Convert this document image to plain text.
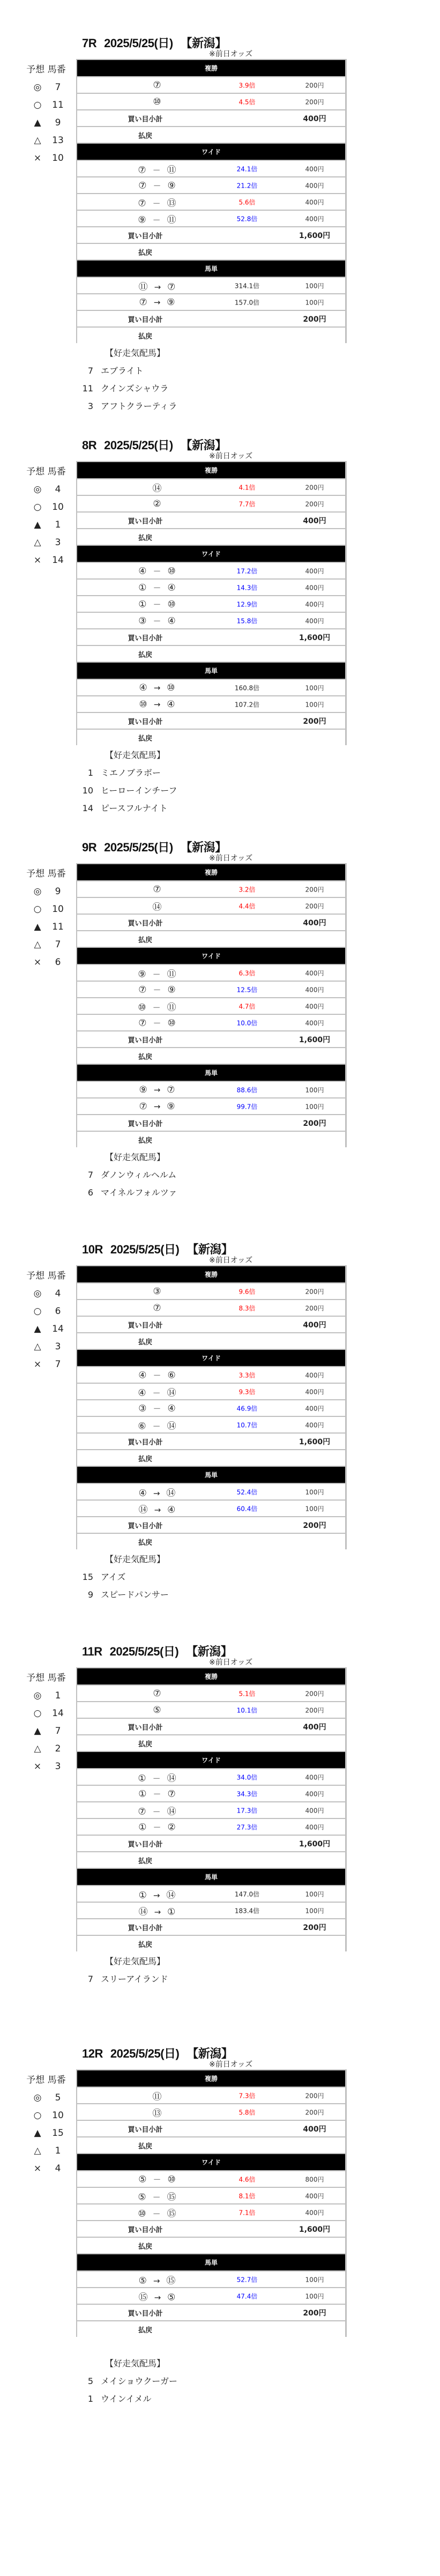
7R 2025/5/25(日) 【新潟】
※前日オッズ
予想 馬番
◎	7
○	11
▲	9
△	13
×	10
複勝
⑦	3.9倍	200円
⑩	4.5倍	200円
買い目小計	400円
払戻
ワイド
⑦ － ⑪	24.1倍	400円
⑦ － ⑨	21.2倍	400円
⑦ － ⑬	5.6倍	400円
⑨ － ⑪	52.8倍	400円
買い目小計	1,600円
払戻
馬単
⑪ → ⑦	314.1倍	100円
⑦ → ⑨	157.0倍	100円
買い目小計	200円
払戻
【好走気配馬】
7 エブライト
11 クインズシャウラ
3 アフトクラーティラ
8R 2025/5/25(日) 【新潟】
※前日オッズ
予想 馬番
◎	4
○	10
▲	1
△	3
×	14
複勝
⑭	4.1倍	200円
②	7.7倍	200円
買い目小計	400円
払戻
ワイド
④ － ⑩	17.2倍	400円
① － ④	14.3倍	400円
① － ⑩	12.9倍	400円
③ － ④	15.8倍	400円
買い目小計	1,600円
払戻
馬単
④ → ⑩	160.8倍	100円
⑩ → ④	107.2倍	100円
買い目小計	200円
払戻
【好走気配馬】
1 ミエノブラボー
10 ヒーローインチーフ
14 ピースフルナイト
9R 2025/5/25(日) 【新潟】
※前日オッズ
予想 馬番
◎	9
○	10
▲	11
△	7
×	6
複勝
⑦	3.2倍	200円
⑭	4.4倍	200円
買い目小計	400円
払戻
ワイド
⑨ － ⑪	6.3倍	400円
⑦ － ⑨	12.5倍	400円
⑩ － ⑪	4.7倍	400円
⑦ － ⑩	10.0倍	400円
買い目小計	1,600円
払戻
馬単
⑨ → ⑦	88.6倍	100円
⑦ → ⑨	99.7倍	100円
買い目小計	200円
払戻
【好走気配馬】
7 ダノンウィルヘルム
6 マイネルフォルツァ
10R 2025/5/25(日) 【新潟】
※前日オッズ
予想 馬番
◎	4
○	6
▲	14
△	3
×	7
複勝
③	9.6倍	200円
⑦	8.3倍	200円
買い目小計	400円
払戻
ワイド
④ － ⑥	3.3倍	400円
④ － ⑭	9.3倍	400円
③ － ④	46.9倍	400円
⑥ － ⑭	10.7倍	400円
買い目小計	1,600円
払戻
馬単
④ → ⑭	52.4倍	100円
⑭ → ④	60.4倍	100円
買い目小計	200円
払戻
【好走気配馬】
15 アイズ
9 スピードパンサー
11R 2025/5/25(日) 【新潟】
※前日オッズ
予想 馬番
◎	1
○	14
▲	7
△	2
×	3
複勝
⑦	5.1倍	200円
⑤	10.1倍	200円
買い目小計	400円
払戻
ワイド
① － ⑭	34.0倍	400円
① － ⑦	34.3倍	400円
⑦ － ⑭	17.3倍	400円
① － ②	27.3倍	400円
買い目小計	1,600円
払戻
馬単
① → ⑭	147.0倍	100円
⑭ → ①	183.4倍	100円
買い目小計	200円
払戻
【好走気配馬】
7 スリーアイランド
12R 2025/5/25(日) 【新潟】
※前日オッズ
予想 馬番
◎	5
○	10
▲	15
△	1
×	4
複勝
⑪	7.3倍	200円
⑬	5.8倍	200円
買い目小計	400円
払戻
ワイド
⑤ － ⑩	4.6倍	800円
⑤ － ⑮	8.1倍	400円
⑩ － ⑮	7.1倍	400円
買い目小計	1,600円
払戻
馬単
⑤ → ⑮	52.7倍	100円
⑮ → ⑤	47.4倍	100円
買い目小計	200円
払戻
【好走気配馬】
5 メイショウクーガー
1 ウインイメル
